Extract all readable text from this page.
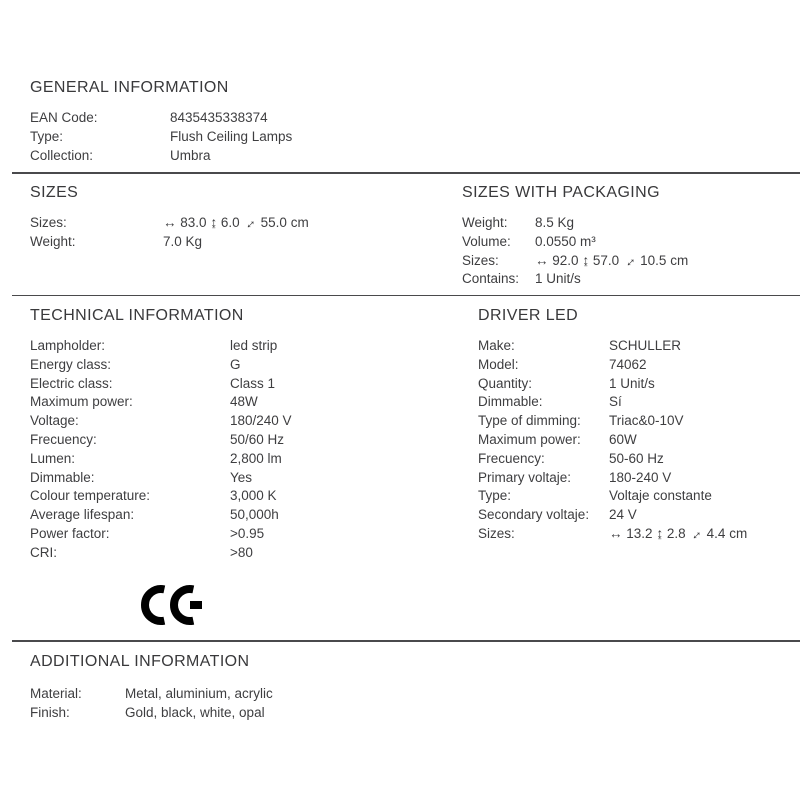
GENERAL INFORMATION
EAN Code:	8435435338374
Type:	Flush Ceiling Lamps
Collection:	Umbra
SIZES
Sizes:	↔ 83.0 ↨ 6.0 ↔ 55.0 cm
Weight:	7.0 Kg
SIZES WITH PACKAGING
Weight:	8.5 Kg
Volume:	0.0550 m³
Sizes:	↔ 92.0 ↨ 57.0 ↔ 10.5 cm
Contains:	1 Unit/s
TECHNICAL INFORMATION
Lampholder:	led strip
Energy class:	G
Electric class:	Class 1
Maximum power:	48W
Voltage:	180/240 V
Frecuency:	50/60 Hz
Lumen:	2,800 lm
Dimmable:	Yes
Colour temperature:	3,000 K
Average lifespan:	50,000h
Power factor:	>0.95
CRI:	>80
DRIVER LED
Make:	SCHULLER
Model:	74062
Quantity:	1 Unit/s
Dimmable:	Sí
Type of dimming:	Triac&0-10V
Maximum power:	60W
Frecuency:	50-60 Hz
Primary voltaje:	180-240 V
Type:	Voltaje constante
Secondary voltaje:	24 V
Sizes:	↔ 13.2 ↨ 2.8 ↔ 4.4 cm
ADDITIONAL INFORMATION
Material:	Metal, aluminium, acrylic
Finish:	Gold, black, white, opal
